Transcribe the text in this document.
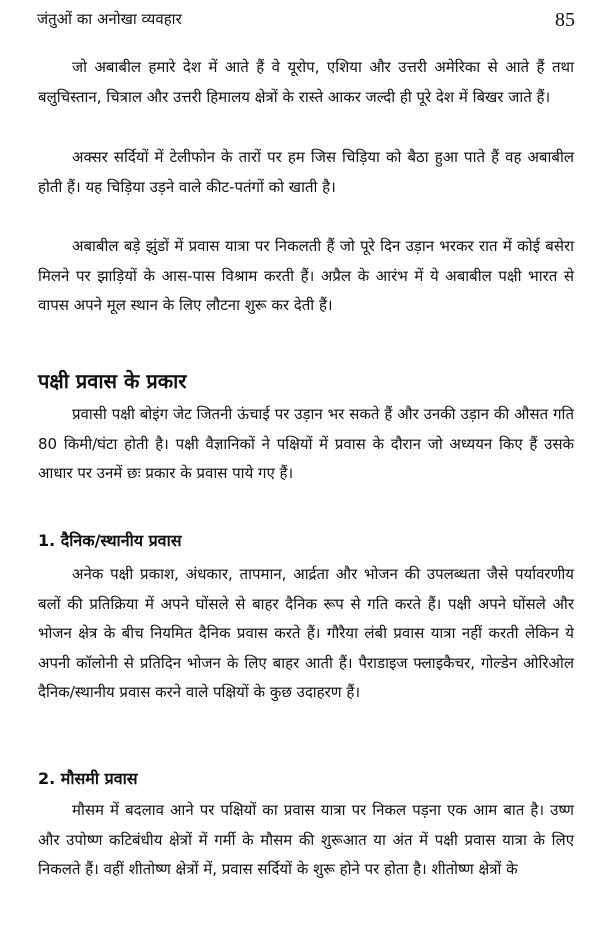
जंतुओं का अनोखा व्यवहार	85

जो अबाबील हमारे देश में आते हैं वे यूरोप, एशिया और उत्तरी अमेरिका से आते हैं तथा बलुचिस्तान, चित्राल और उत्तरी हिमालय क्षेत्रों के रास्ते आकर जल्दी ही पूरे देश में बिखर जाते हैं।

अक्सर सर्दियों में टेलीफोन के तारों पर हम जिस चिड़िया को बैठा हुआ पाते हैं वह अबाबील होती हैं। यह चिड़िया उड़ने वाले कीट-पतंगों को खाती है।

अबाबील बड़े झुंडों में प्रवास यात्रा पर निकलती हैं जो पूरे दिन उड़ान भरकर रात में कोई बसेरा मिलने पर झाड़ियों के आस-पास विश्राम करती हैं। अप्रैल के आरंभ में ये अबाबील पक्षी भारत से वापस अपने मूल स्थान के लिए लौटना शुरू कर देती हैं।

पक्षी प्रवास के प्रकार

प्रवासी पक्षी बोइंग जेट जितनी ऊंचाई पर उड़ान भर सकते हैं और उनकी उड़ान की औसत गति 80 किमी/घंटा होती है। पक्षी वैज्ञानिकों ने पक्षियों में प्रवास के दौरान जो अध्ययन किए हैं उसके आधार पर उनमें छः प्रकार के प्रवास पाये गए हैं।

1. दैनिक/स्थानीय प्रवास

अनेक पक्षी प्रकाश, अंधकार, तापमान, आर्द्रता और भोजन की उपलब्धता जैसे पर्यावरणीय बलों की प्रतिक्रिया में अपने घोंसले से बाहर दैनिक रूप से गति करते हैं। पक्षी अपने घोंसले और भोजन क्षेत्र के बीच नियमित दैनिक प्रवास करते हैं। गौरैया लंबी प्रवास यात्रा नहीं करती लेकिन ये अपनी कॉलोनी से प्रतिदिन भोजन के लिए बाहर आती हैं। पैराडाइज फ्लाइकैचर, गोल्डेन ओरिओल दैनिक/स्थानीय प्रवास करने वाले पक्षियों के कुछ उदाहरण हैं।

2. मौसमी प्रवास

मौसम में बदलाव आने पर पक्षियों का प्रवास यात्रा पर निकल पड़ना एक आम बात है। उष्ण और उपोष्ण कटिबंधीय क्षेत्रों में गर्मी के मौसम की शुरूआत या अंत में पक्षी प्रवास यात्रा के लिए निकलते हैं। वहीं शीतोष्ण क्षेत्रों में, प्रवास सर्दियों के शुरू होने पर होता है। शीतोष्ण क्षेत्रों के
